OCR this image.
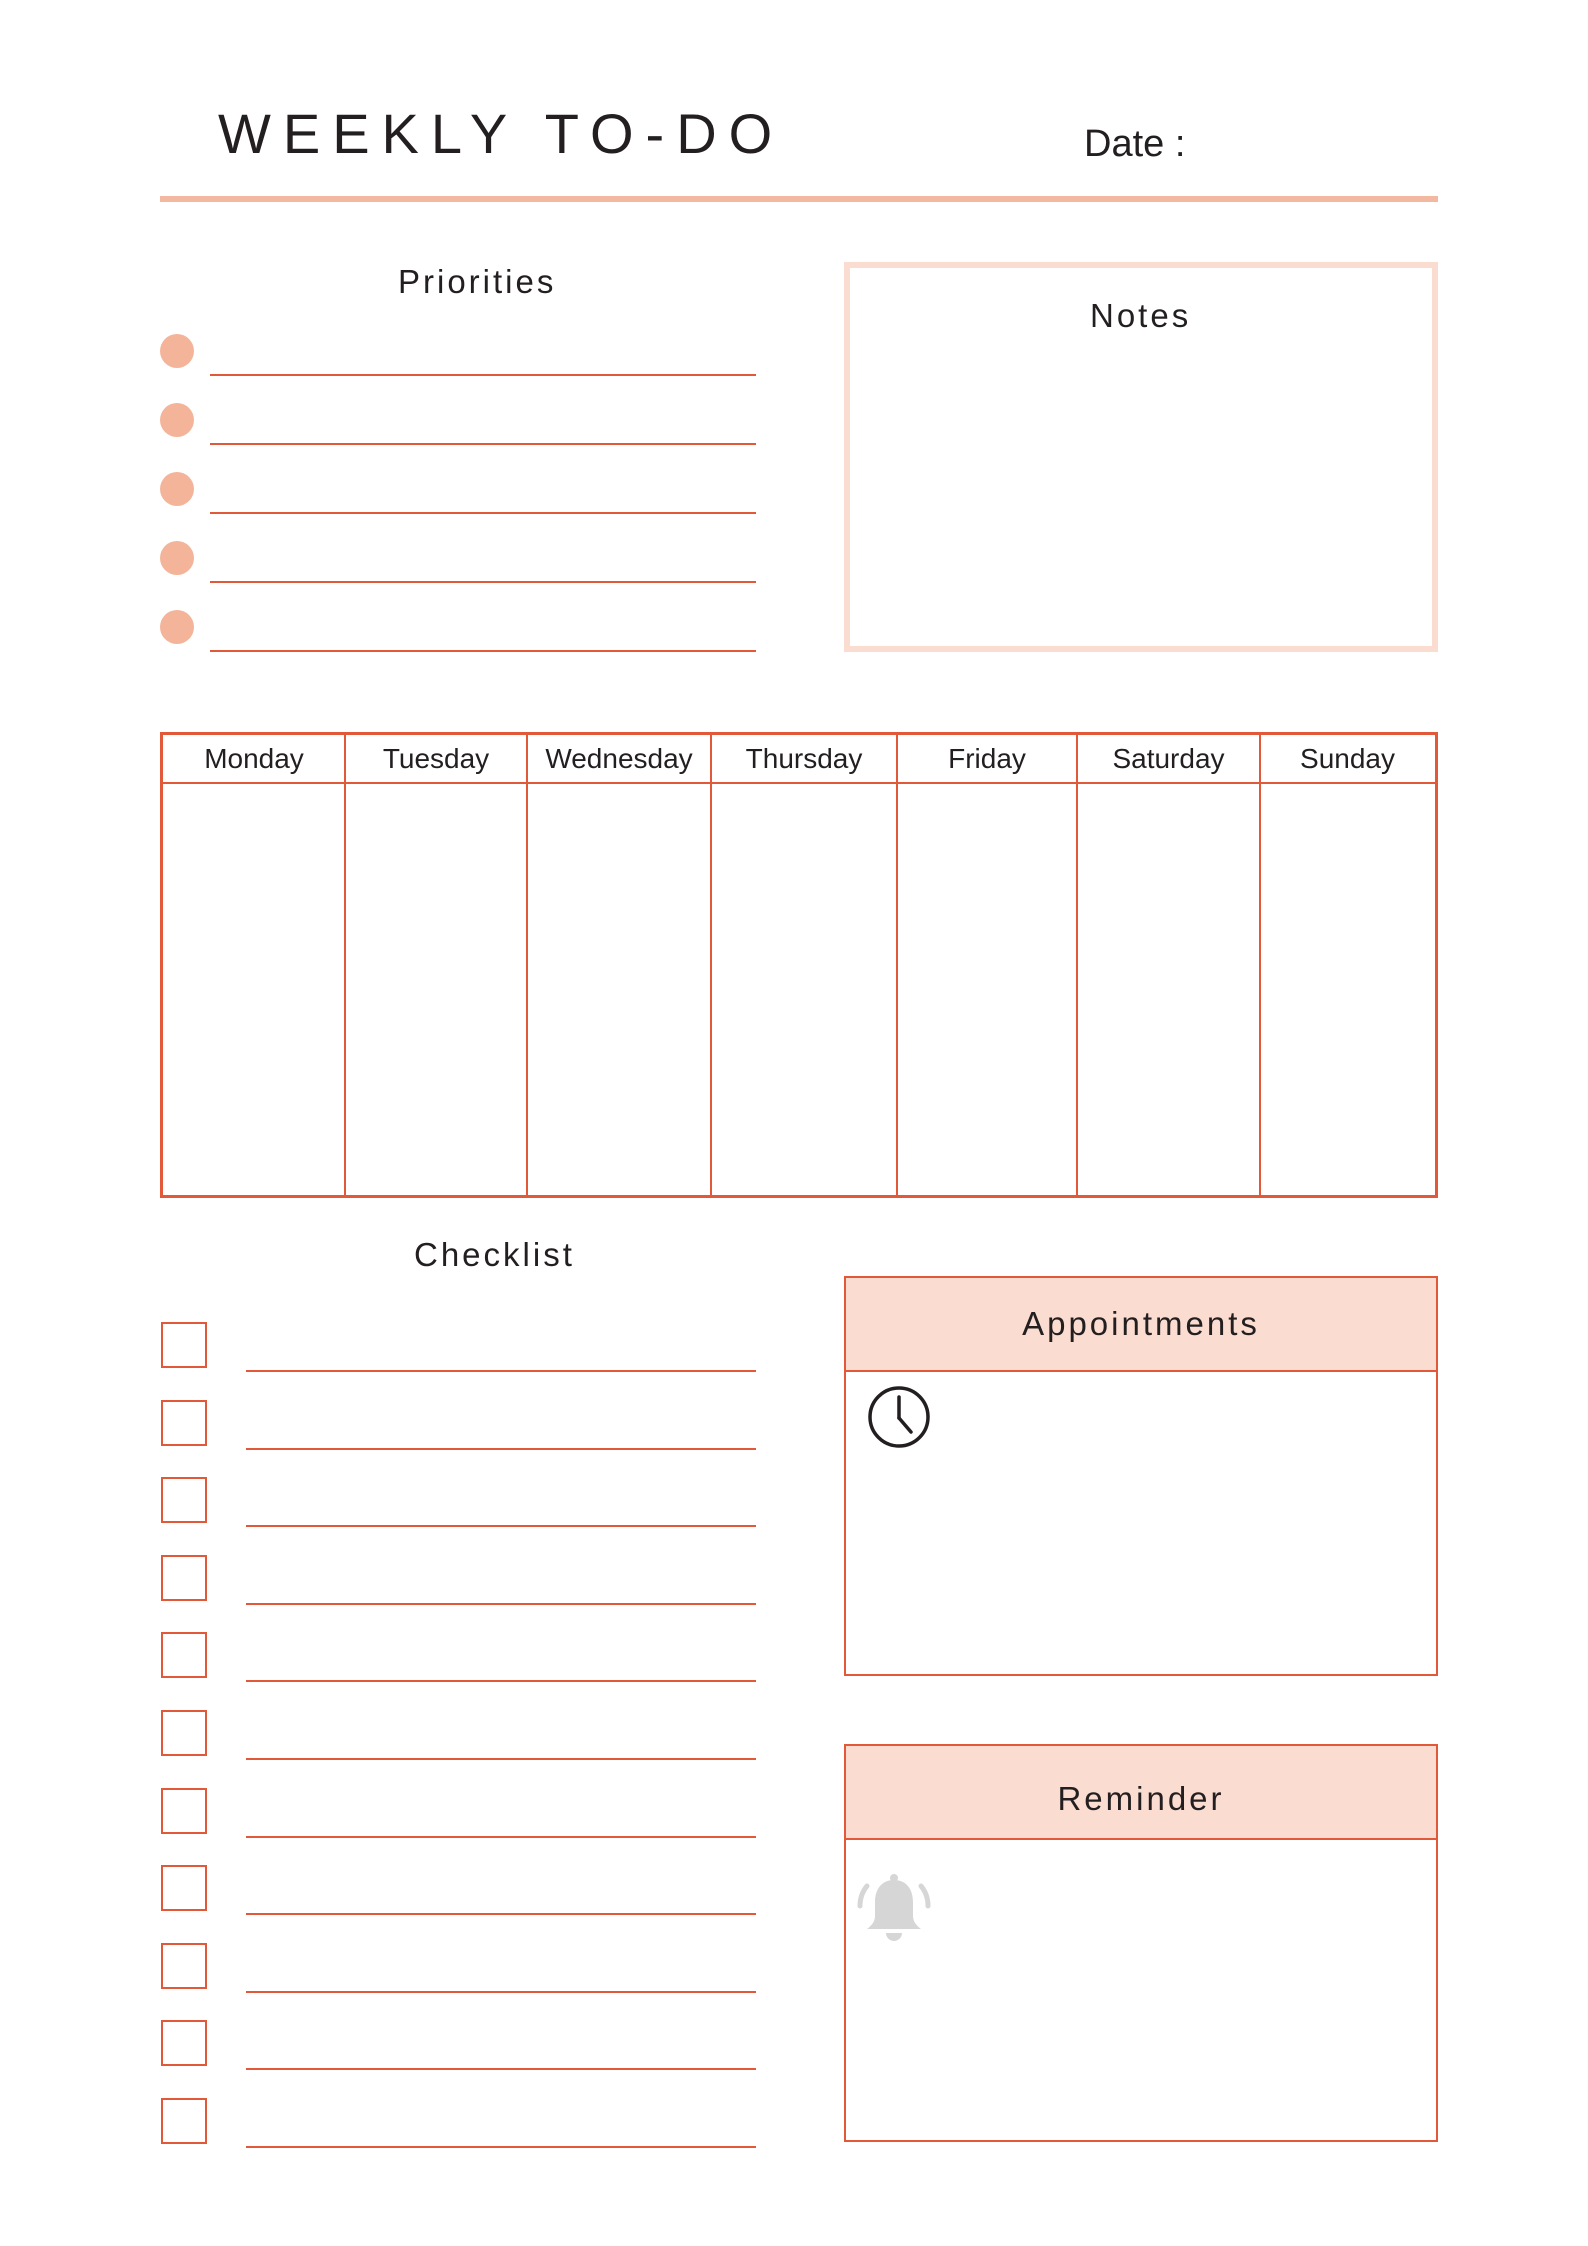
WEEKLY TO-DO	Date :
Priorities
Notes
Monday	Tuesday	Wednesday	Thursday	Friday	Saturday	Sunday
Checklist
Appointments
Reminder
